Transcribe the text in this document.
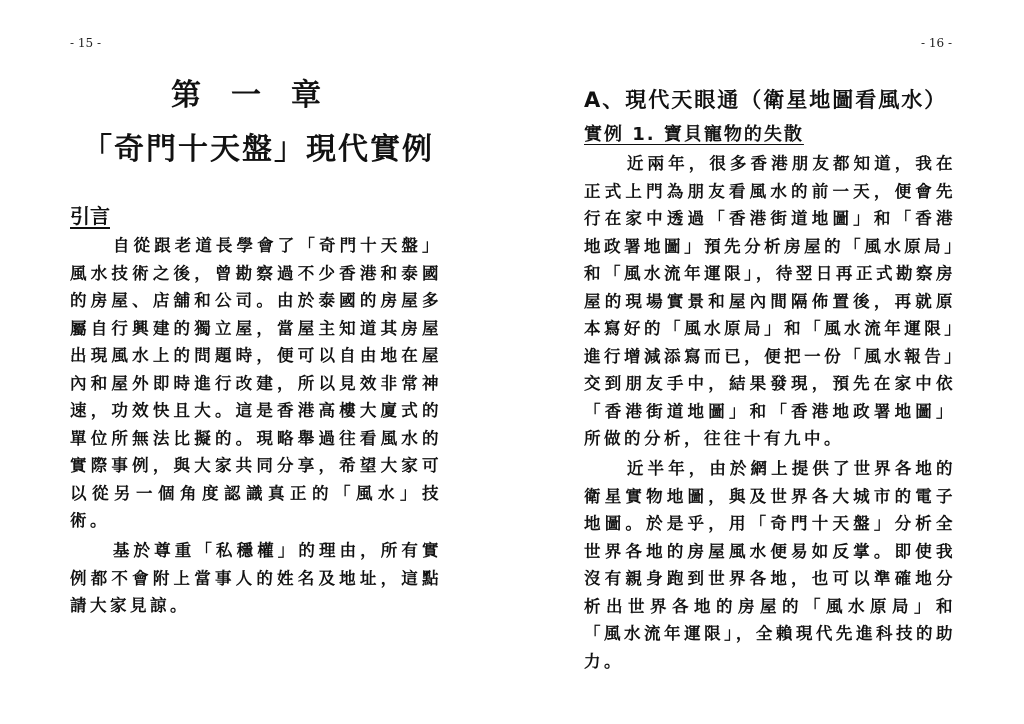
- 15 -
第一章
「奇門十天盤」現代實例
引言

自從跟老道長學會了「奇門十天盤」風水技術之後，曾勘察過不少香港和泰國的房屋、店舖和公司。由於泰國的房屋多屬自行興建的獨立屋，當屋主知道其房屋出現風水上的問題時，便可以自由地在屋內和屋外即時進行改建，所以見效非常神速，功效快且大。這是香港高樓大廈式的單位所無法比擬的。現略舉過往看風水的實際事例，與大家共同分享，希望大家可以從另一個角度認識真正的「風水」技術。

基於尊重「私穩權」的理由，所有實例都不會附上當事人的姓名及地址，這點請大家見諒。

- 16 -
A、現代天眼通（衛星地圖看風水）
實例 1. 寶貝寵物的失散

近兩年，很多香港朋友都知道，我在正式上門為朋友看風水的前一天，便會先行在家中透過「香港街道地圖」和「香港地政署地圖」預先分析房屋的「風水原局」和「風水流年運限」，待翌日再正式勘察房屋的現場實景和屋內間隔佈置後，再就原本寫好的「風水原局」和「風水流年運限」進行增減添寫而已，便把一份「風水報告」交到朋友手中，結果發現，預先在家中依「香港街道地圖」和「香港地政署地圖」所做的分析，往往十有九中。

近半年，由於網上提供了世界各地的衛星實物地圖，與及世界各大城市的電子地圖。於是乎，用「奇門十天盤」分析全世界各地的房屋風水便易如反掌。即使我沒有親身跑到世界各地，也可以準確地分析出世界各地的房屋的「風水原局」和「風水流年運限」，全賴現代先進科技的助力。
